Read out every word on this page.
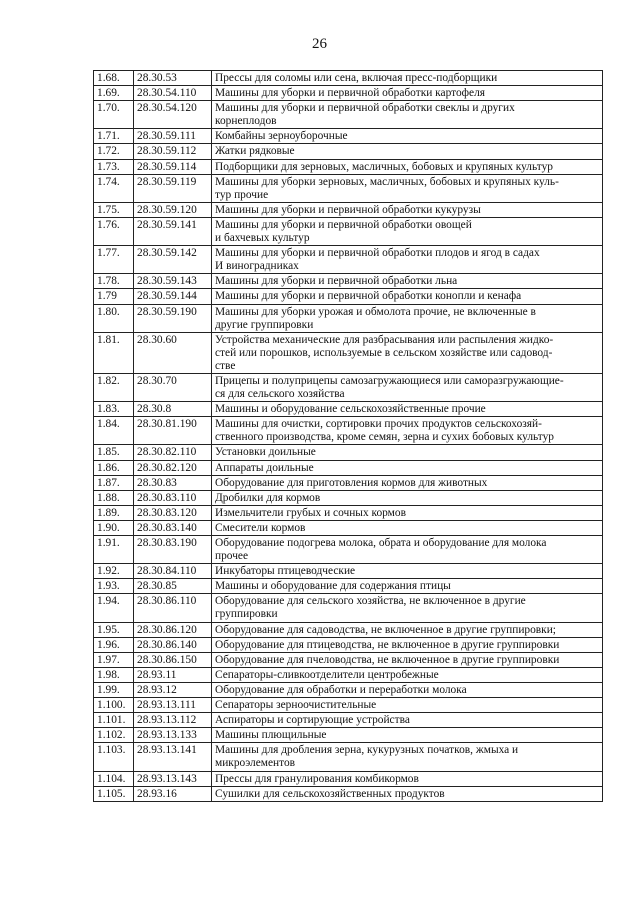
26
1.68.	28.30.53	Прессы для соломы или сена, включая пресс-подборщики
1.69.	28.30.54.110	Машины для уборки и первичной обработки картофеля
1.70.	28.30.54.120	Машины для уборки и первичной обработки свеклы и других
корнеплодов
1.71.	28.30.59.111	Комбайны зерноуборочные
1.72.	28.30.59.112	Жатки рядковые
1.73.	28.30.59.114	Подборщики для зерновых, масличных, бобовых и крупяных культур
1.74.	28.30.59.119	Машины для уборки зерновых, масличных, бобовых и крупяных куль-
тур прочие
1.75.	28.30.59.120	Машины для уборки и первичной обработки кукурузы
1.76.	28.30.59.141	Машины для уборки и первичной обработки овощей
и бахчевых культур
1.77.	28.30.59.142	Машины для уборки и первичной обработки плодов и ягод в садах
И виноградниках
1.78.	28.30.59.143	Машины для уборки и первичной обработки льна
1.79	28.30.59.144	Машины для уборки и первичной обработки конопли и кенафа
1.80.	28.30.59.190	Машины для уборки урожая и обмолота прочие, не включенные в
другие группировки
1.81.	28.30.60	Устройства механические для разбрасывания или распыления жидко-
стей или порошков, используемые в сельском хозяйстве или садовод-
стве
1.82.	28.30.70	Прицепы и полуприцепы самозагружающиеся или саморазгружающие-
ся для сельского хозяйства
1.83.	28.30.8	Машины и оборудование сельскохозяйственные прочие
1.84.	28.30.81.190	Машины для очистки, сортировки прочих продуктов сельскохозяй-
ственного производства, кроме семян, зерна и сухих бобовых культур
1.85.	28.30.82.110	Установки доильные
1.86.	28.30.82.120	Аппараты доильные
1.87.	28.30.83	Оборудование для приготовления кормов для животных
1.88.	28.30.83.110	Дробилки для кормов
1.89.	28.30.83.120	Измельчители грубых и сочных кормов
1.90.	28.30.83.140	Смесители кормов
1.91.	28.30.83.190	Оборудование подогрева молока, обрата и оборудование для молока
прочее
1.92.	28.30.84.110	Инкубаторы птицеводческие
1.93.	28.30.85	Машины и оборудование для содержания птицы
1.94.	28.30.86.110	Оборудование для сельского хозяйства, не включенное в другие
группировки
1.95.	28.30.86.120	Оборудование для садоводства, не включенное в другие группировки;
1.96.	28.30.86.140	Оборудование для птицеводства, не включенное в другие группировки
1.97.	28.30.86.150	Оборудование для пчеловодства, не включенное в другие группировки
1.98.	28.93.11	Сепараторы-сливкоотделители центробежные
1.99.	28.93.12	Оборудование для обработки и переработки молока
1.100.	28.93.13.111	Сепараторы зерноочистительные
1.101.	28.93.13.112	Аспираторы и сортирующие устройства
1.102.	28.93.13.133	Машины плющильные
1.103.	28.93.13.141	Машины для дробления зерна, кукурузных початков, жмыха и
микроэлементов
1.104.	28.93.13.143	Прессы для гранулирования комбикормов
1.105.	28.93.16	Сушилки для сельскохозяйственных продуктов
